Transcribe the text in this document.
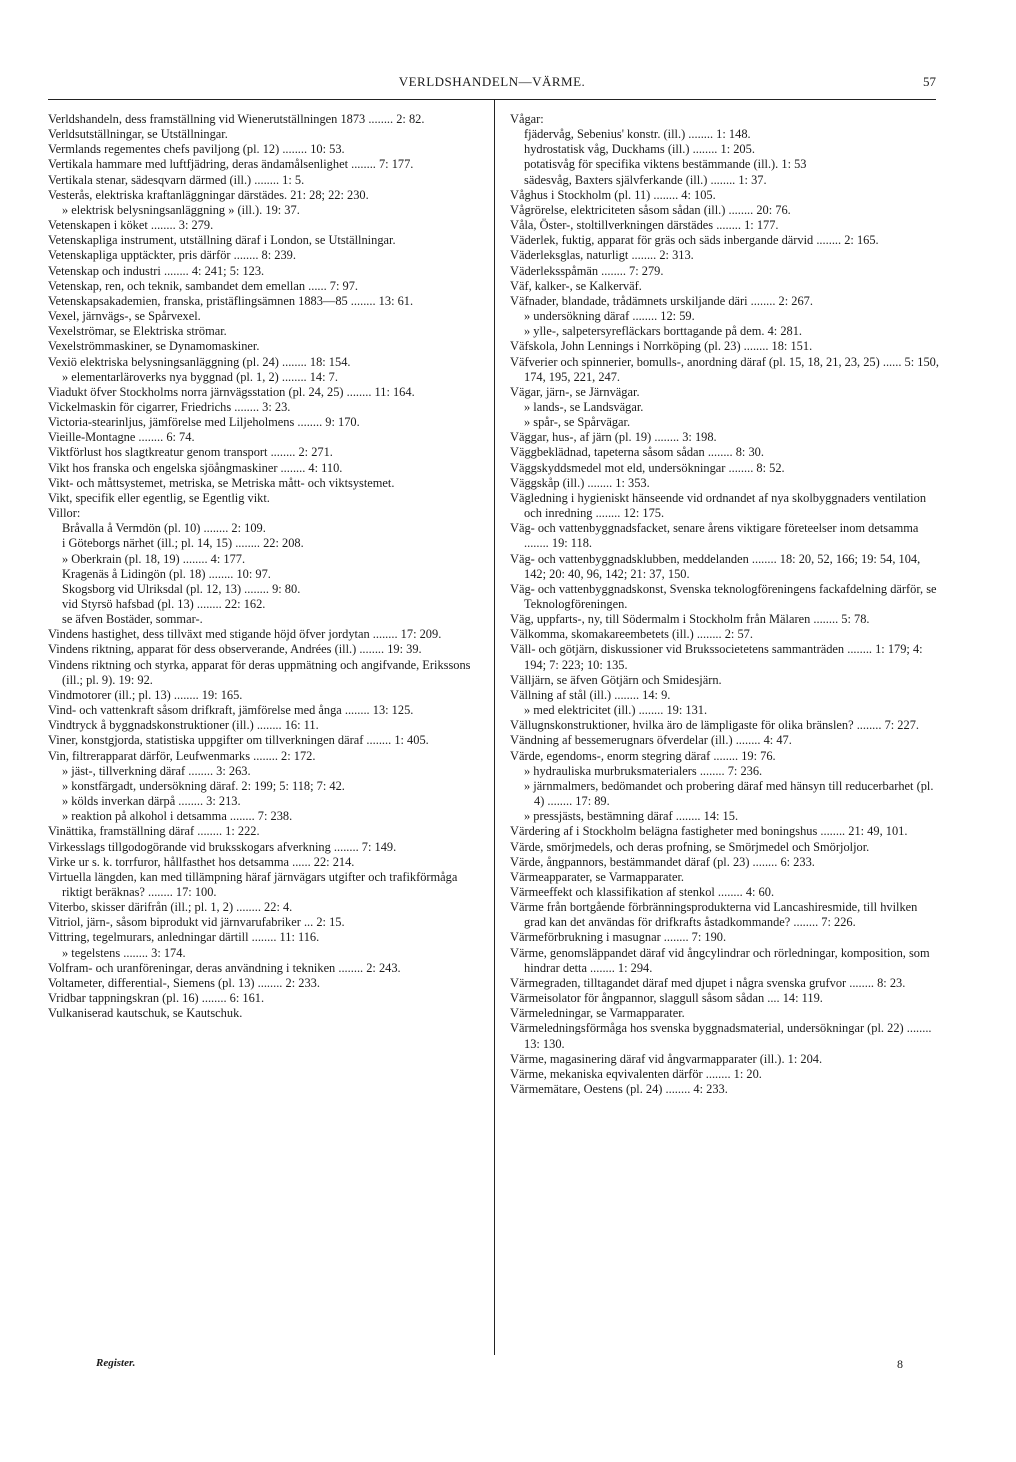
VERLDSHANDELN—VÄRME.	57
Verldshandeln, dess framställning vid Wienerutställningen 1873 ........ 2: 82.
Verldsutställningar, se Utställningar.
Vermlands regementes chefs paviljong (pl. 12) ........ 10: 53.
Vertikala hammare med luftfjädring, deras ändamålsenlighet ........ 7: 177.
Vertikala stenar, sädesqvarn därmed (ill.) ........ 1: 5.
Vesterås, elektriska kraftanläggningar därstädes. 21: 28; 22: 230.
» elektrisk belysningsanläggning » (ill.). 19: 37.
Vetenskapen i köket ........ 3: 279.
Vetenskapliga instrument, utställning däraf i London, se Utställningar.
Vetenskapliga upptäckter, pris därför ........ 8: 239.
Vetenskap och industri ........ 4: 241; 5: 123.
Vetenskap, ren, och teknik, sambandet dem emellan ...... 7: 97.
Vetenskapsakademien, franska, pristäflingsämnen 1883—85 ........ 13: 61.
Vexel, järnvägs-, se Spårvexel.
Vexelströmar, se Elektriska strömar.
Vexelströmmaskiner, se Dynamomaskiner.
Vexiö elektriska belysningsanläggning (pl. 24) ........ 18: 154.
» elementarläroverks nya byggnad (pl. 1, 2) ........ 14: 7.
Viadukt öfver Stockholms norra järnvägsstation (pl. 24, 25) ........ 11: 164.
Vickelmaskin för cigarrer, Friedrichs ........ 3: 23.
Victoria-stearinljus, jämförelse med Liljeholmens ........ 9: 170.
Vieille-Montagne ........ 6: 74.
Viktförlust hos slagtkreatur genom transport ........ 2: 271.
Vikt hos franska och engelska sjöångmaskiner ........ 4: 110.
Vikt- och måttsystemet, metriska, se Metriska mått- och viktsystemet.
Vikt, specifik eller egentlig, se Egentlig vikt.
Villor:
Bråvalla å Vermdön (pl. 10) ........ 2: 109.
i Göteborgs närhet (ill.; pl. 14, 15) ........ 22: 208.
» Oberkrain (pl. 18, 19) ........ 4: 177.
Kragenäs å Lidingön (pl. 18) ........ 10: 97.
Skogsborg vid Ulriksdal (pl. 12, 13) ........ 9: 80.
vid Styrsö hafsbad (pl. 13) ........ 22: 162.
se äfven Bostäder, sommar-.
Vindens hastighet, dess tillväxt med stigande höjd öfver jordytan ........ 17: 209.
Vindens riktning, apparat för dess observerande, Andrées (ill.) ........ 19: 39.
Vindens riktning och styrka, apparat för deras uppmätning och angifvande, Erikssons (ill.; pl. 9). 19: 92.
Vindmotorer (ill.; pl. 13) ........ 19: 165.
Vind- och vattenkraft såsom drifkraft, jämförelse med ånga ........ 13: 125.
Vindtryck å byggnadskonstruktioner (ill.) ........ 16: 11.
Viner, konstgjorda, statistiska uppgifter om tillverkningen däraf ........ 1: 405.
Vin, filtrerapparat därför, Leufwenmarks ........ 2: 172.
» jäst-, tillverkning däraf ........ 3: 263.
» konstfärgadt, undersökning däraf. 2: 199; 5: 118; 7: 42.
» kölds inverkan därpå ........ 3: 213.
» reaktion på alkohol i detsamma ........ 7: 238.
Vinättika, framställning däraf ........ 1: 222.
Virkesslags tillgodogörande vid bruksskogars afverkning ........ 7: 149.
Virke ur s. k. torrfuror, hållfasthet hos detsamma ...... 22: 214.
Virtuella längden, kan med tillämpning häraf järnvägars utgifter och trafikförmåga riktigt beräknas? ........ 17: 100.
Viterbo, skisser därifrån (ill.; pl. 1, 2) ........ 22: 4.
Vitriol, järn-, såsom biprodukt vid järnvarufabriker ... 2: 15.
Vittring, tegelmurars, anledningar därtill ........ 11: 116.
» tegelstens ........ 3: 174.
Volfram- och uranföreningar, deras användning i tekniken ........ 2: 243.
Voltameter, differential-, Siemens (pl. 13) ........ 2: 233.
Vridbar tappningskran (pl. 16) ........ 6: 161.
Vulkaniserad kautschuk, se Kautschuk.
Vågar:
fjädervåg, Sebenius' konstr. (ill.) ........ 1: 148.
hydrostatisk våg, Duckhams (ill.) ........ 1: 205.
potatisvåg för specifika viktens bestämmande (ill.). 1: 53
sädesvåg, Baxters självferkande (ill.) ........ 1: 37.
Våghus i Stockholm (pl. 11) ........ 4: 105.
Vågrörelse, elektriciteten såsom sådan (ill.) ........ 20: 76.
Våla, Öster-, stoltillverkningen därstädes ........ 1: 177.
Väderlek, fuktig, apparat för gräs och säds inbergande därvid ........ 2: 165.
Väderleksglas, naturligt ........ 2: 313.
Väderleksspåmän ........ 7: 279.
Väf, kalker-, se Kalkerväf.
Väfnader, blandade, trådämnets urskiljande däri ........ 2: 267.
» undersökning däraf ........ 12: 59.
» ylle-, salpetersyrefläckars borttagande på dem. 4: 281.
Väfskola, John Lennings i Norrköping (pl. 23) ........ 18: 151.
Väfverier och spinnerier, bomulls-, anordning däraf (pl. 15, 18, 21, 23, 25) ...... 5: 150, 174, 195, 221, 247.
Vägar, järn-, se Järnvägar.
» lands-, se Landsvägar.
» spår-, se Spårvägar.
Väggar, hus-, af järn (pl. 19) ........ 3: 198.
Väggbeklädnad, tapeterna såsom sådan ........ 8: 30.
Väggskyddsmedel mot eld, undersökningar ........ 8: 52.
Väggskåp (ill.) ........ 1: 353.
Vägledning i hygieniskt hänseende vid ordnandet af nya skolbyggnaders ventilation och inredning ........ 12: 175.
Väg- och vattenbyggnadsfacket, senare årens viktigare företeelser inom detsamma ........ 19: 118.
Väg- och vattenbyggnadsklubben, meddelanden ........ 18: 20, 52, 166; 19: 54, 104, 142; 20: 40, 96, 142; 21: 37, 150.
Väg- och vattenbyggnadskonst, Svenska teknologföreningens fackafdelning därför, se Teknologföreningen.
Väg, uppfarts-, ny, till Södermalm i Stockholm från Mälaren ........ 5: 78.
Välkomma, skomakareembetets (ill.) ........ 2: 57.
Väll- och götjärn, diskussioner vid Brukssocietetens sammanträden ........ 1: 179; 4: 194; 7: 223; 10: 135.
Välljärn, se äfven Götjärn och Smidesjärn.
Vällning af stål (ill.) ........ 14: 9.
» med elektricitet (ill.) ........ 19: 131.
Vällugnskonstruktioner, hvilka äro de lämpligaste för olika bränslen? ........ 7: 227.
Vändning af bessemerugnars öfverdelar (ill.) ........ 4: 47.
Värde, egendoms-, enorm stegring däraf ........ 19: 76.
» hydrauliska murbruksmaterialers ........ 7: 236.
» järnmalmers, bedömandet och probering däraf med hänsyn till reducerbarhet (pl. 4) ........ 17: 89.
» pressjästs, bestämning däraf ........ 14: 15.
Värdering af i Stockholm belägna fastigheter med boningshus ........ 21: 49, 101.
Värde, smörjmedels, och deras profning, se Smörjmedel och Smörjoljor.
Värde, ångpannors, bestämmandet däraf (pl. 23) ........ 6: 233.
Värmeapparater, se Varmapparater.
Värmeeffekt och klassifikation af stenkol ........ 4: 60.
Värme från bortgående förbränningsprodukterna vid Lancashiresmide, till hvilken grad kan det användas för drifkrafts åstadkommande? ........ 7: 226.
Värmeförbrukning i masugnar ........ 7: 190.
Värme, genomsläppandet däraf vid ångcylindrar och rörledningar, komposition, som hindrar detta ........ 1: 294.
Värmegraden, tilltagandet däraf med djupet i några svenska grufvor ........ 8: 23.
Värmeisolator för ångpannor, slaggull såsom sådan .... 14: 119.
Värmeledningar, se Varmapparater.
Värmeledningsförmåga hos svenska byggnadsmaterial, undersökningar (pl. 22) ........ 13: 130.
Värme, magasinering däraf vid ångvarmapparater (ill.). 1: 204.
Värme, mekaniska eqvivalenten därför ........ 1: 20.
Värmemätare, Oestens (pl. 24) ........ 4: 233.
Register.	8
